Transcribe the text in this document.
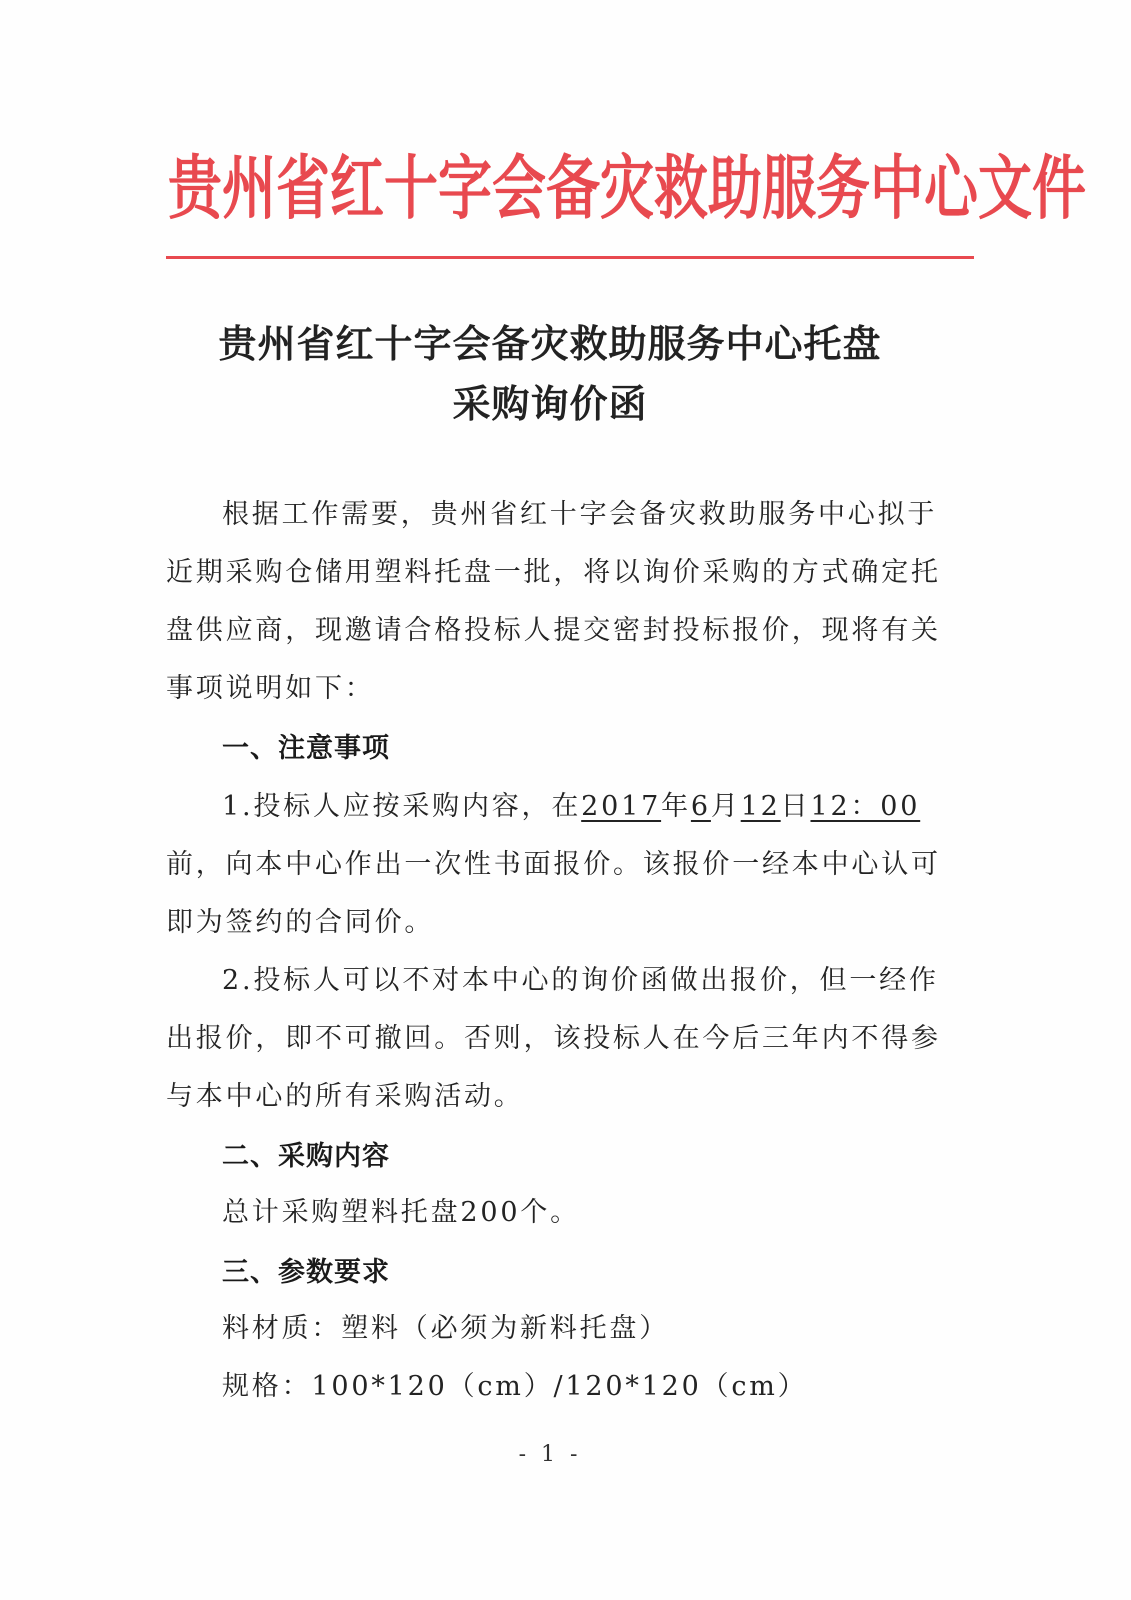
贵州省红十字会备灾救助服务中心文件
贵州省红十字会备灾救助服务中心托盘
采购询价函
根据工作需要，贵州省红十字会备灾救助服务中心拟于
近期采购仓储用塑料托盘一批，将以询价采购的方式确定托
盘供应商，现邀请合格投标人提交密封投标报价，现将有关
事项说明如下：
一、注意事项
1.投标人应按采购内容，在2017年6月12日12：00
前，向本中心作出一次性书面报价。该报价一经本中心认可
即为签约的合同价。
2.投标人可以不对本中心的询价函做出报价，但一经作
出报价，即不可撤回。否则，该投标人在今后三年内不得参
与本中心的所有采购活动。
二、采购内容
总计采购塑料托盘200个。
三、参数要求
料材质：塑料（必须为新料托盘）
规格：100*120（cm）/120*120（cm）
- 1 -
